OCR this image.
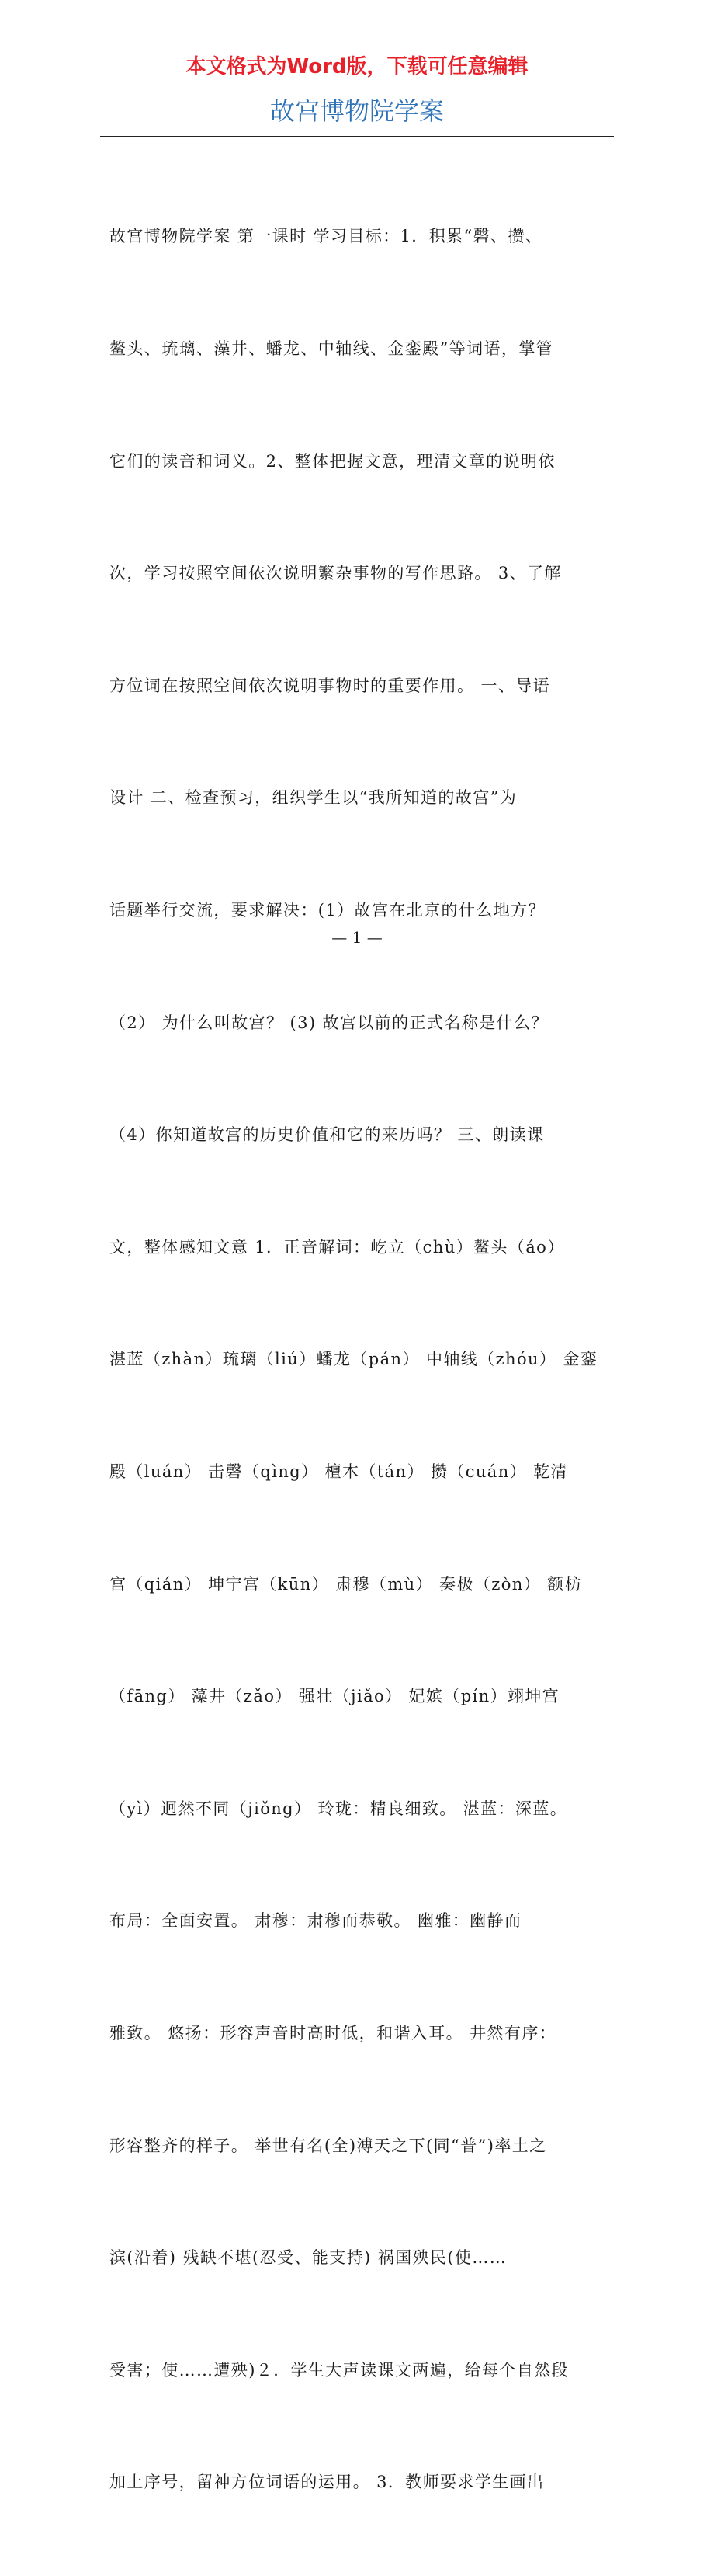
本文格式为Word版，下载可任意编辑
故宫博物院学案

故宫博物院学案 第一课时 学习目标：1．积累“磬、攒、

鳌头、琉璃、藻井、蟠龙、中轴线、金銮殿”等词语，掌管

它们的读音和词义。2、整体把握文意，理清文章的说明依

次，学习按照空间依次说明繁杂事物的写作思路。 3、了解

方位词在按照空间依次说明事物时的重要作用。 一、导语

设计 二、检查预习，组织学生以“我所知道的故宫”为

话题举行交流，要求解决：(1）故宫在北京的什么地方？

（2） 为什么叫故宫？ (3) 故宫以前的正式名称是什么？

（4）你知道故宫的历史价值和它的来历吗？ 三、朗读课

文，整体感知文意 1．正音解词：屹立（chù）鳌头（áo）

湛蓝（zhàn）琉璃（liú）蟠龙（pán） 中轴线（zhóu） 金銮

殿（luán） 击磬（qìng） 檀木（tán） 攒（cuán） 乾清

宫（qián） 坤宁宫（kūn） 肃穆（mù） 奏极（zòn） 额枋

（fāng） 藻井（zǎo） 强壮（jiǎo） 妃嫔（pín）翊坤宫

（yì）迥然不同（jiǒng） 玲珑：精良细致。 湛蓝：深蓝。

布局：全面安置。 肃穆：肃穆而恭敬。 幽雅：幽静而

雅致。 悠扬：形容声音时高时低，和谐入耳。 井然有序：

形容整齐的样子。 举世有名(全)溥天之下(同“普”)率土之

滨(沿着) 残缺不堪(忍受、能支持) 祸国殃民(使……

受害；使……遭殃)２．学生大声读课文两遍，给每个自然段

加上序号，留神方位词语的运用。 3．教师要求学生画出

— 1 —
